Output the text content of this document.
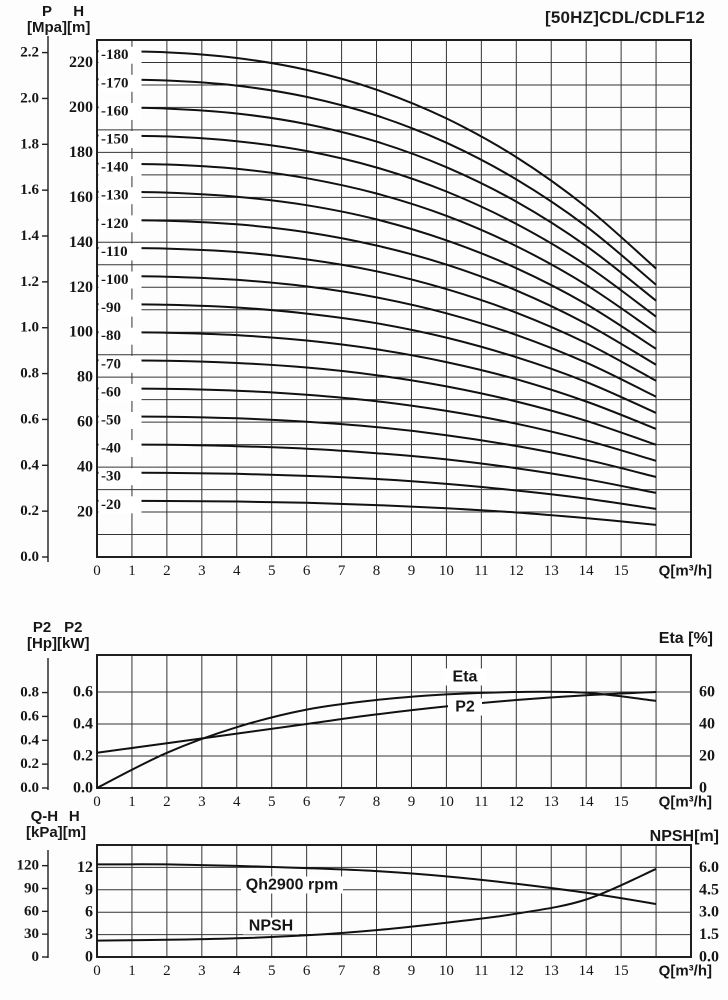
-180
-170
-160
-150
-140
-130
-120
-110
-100
-90
-80
-70
-60
-50
-40
-30
-20
220
200
180
160
140
120
100
80
60
40
20
2.2
2.0
1.8
1.6
1.4
1.2
1.0
0.8
0.6
0.4
0.2
0.0
0 1 2 3 4 5 6 7 8 9 10 11 12 13 14 15 Q[m³/h]
Eta
P2
0.6
0.4
0.2
0.0
0.8
0.6
0.4
0.2
0.0
60
40
20
0
0 1 2 3 4 5 6 7 8 9 10 11 12 13 14 15 Q[m³/h]
Qh2900 rpm
NPSH
12
9
6
3
0
120
90
60
30
0
6.0
4.5
3.0
1.5
0.0
0 1 2 3 4 5 6 7 8 9 10 11 12 13 14 15 Q[m³/h]
[50HZ]CDL/CDLF12
P
[Mpa]
H
[m]
P2
[Hp]
P2
[kW]
Q-H
[kPa]
H
[m]
Eta [%]
NPSH[m]
